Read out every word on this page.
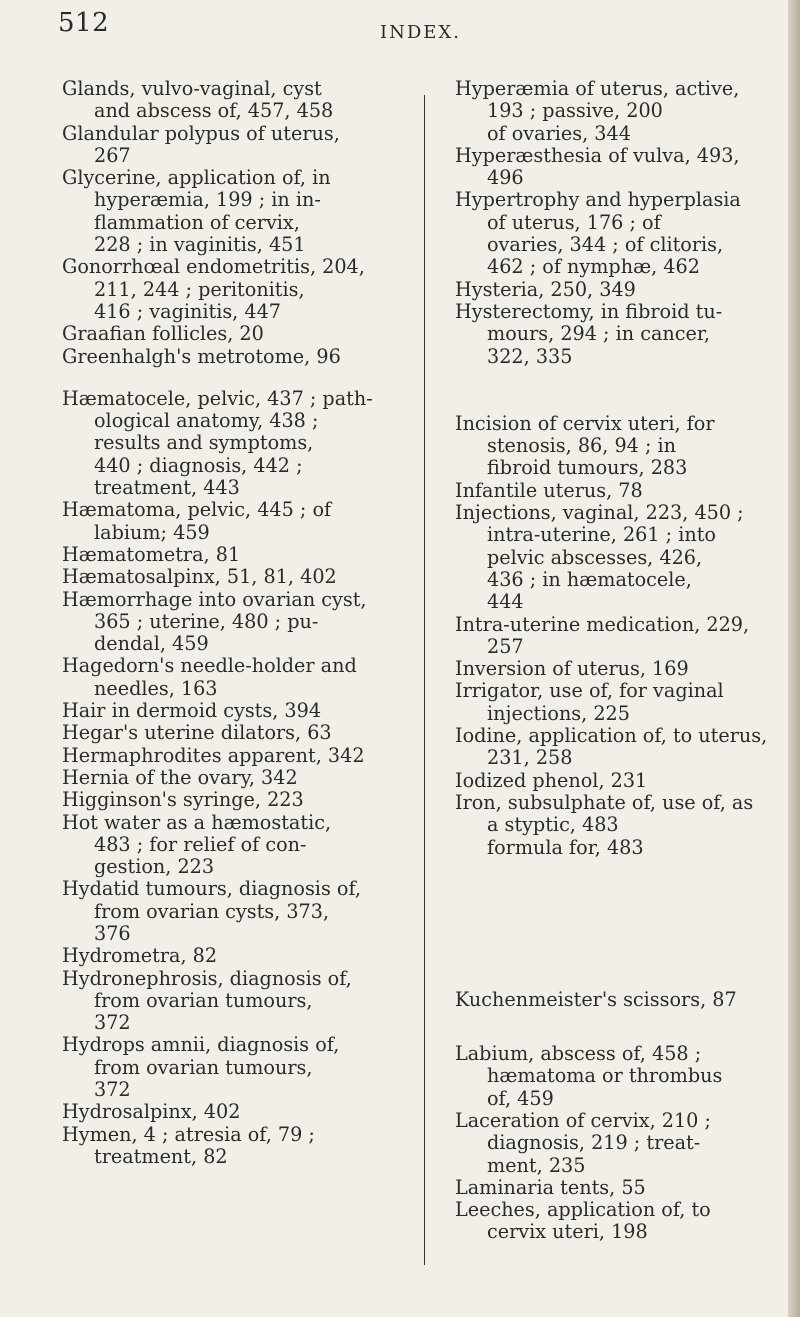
512	INDEX.
Glands, vulvo-vaginal, cyst
and abscess of, 457, 458
Glandular polypus of uterus,
267
Glycerine, application of, in
hyperæmia, 199 ; in in-
flammation of cervix,
228 ; in vaginitis, 451
Gonorrhœal endometritis, 204,
211, 244 ; peritonitis,
416 ; vaginitis, 447
Graafian follicles, 20
Greenhalgh's metrotome, 96
Hæmatocele, pelvic, 437 ; path-
ological anatomy, 438 ;
results and symptoms,
440 ; diagnosis, 442 ;
treatment, 443
Hæmatoma, pelvic, 445 ; of
labium; 459
Hæmatometra, 81
Hæmatosalpinx, 51, 81, 402
Hæmorrhage into ovarian cyst,
365 ; uterine, 480 ; pu-
dendal, 459
Hagedorn's needle-holder and
needles, 163
Hair in dermoid cysts, 394
Hegar's uterine dilators, 63
Hermaphrodites apparent, 342
Hernia of the ovary, 342
Higginson's syringe, 223
Hot water as a hæmostatic,
483 ; for relief of con-
gestion, 223
Hydatid tumours, diagnosis of,
from ovarian cysts, 373,
376
Hydrometra, 82
Hydronephrosis, diagnosis of,
from ovarian tumours,
372
Hydrops amnii, diagnosis of,
from ovarian tumours,
372
Hydrosalpinx, 402
Hymen, 4 ; atresia of, 79 ;
treatment, 82
Hyperæmia of uterus, active,
193 ; passive, 200
of ovaries, 344
Hyperæsthesia of vulva, 493,
496
Hypertrophy and hyperplasia
of uterus, 176 ; of
ovaries, 344 ; of clitoris,
462 ; of nymphæ, 462
Hysteria, 250, 349
Hysterectomy, in fibroid tu-
mours, 294 ; in cancer,
322, 335
Incision of cervix uteri, for
stenosis, 86, 94 ; in
fibroid tumours, 283
Infantile uterus, 78
Injections, vaginal, 223, 450 ;
intra-uterine, 261 ; into
pelvic abscesses, 426,
436 ; in hæmatocele,
444
Intra-uterine medication, 229,
257
Inversion of uterus, 169
Irrigator, use of, for vaginal
injections, 225
Iodine, application of, to uterus,
231, 258
Iodized phenol, 231
Iron, subsulphate of, use of, as
a styptic, 483
formula for, 483
Kuchenmeister's scissors, 87
Labium, abscess of, 458 ;
hæmatoma or thrombus
of, 459
Laceration of cervix, 210 ;
diagnosis, 219 ; treat-
ment, 235
Laminaria tents, 55
Leeches, application of, to
cervix uteri, 198
